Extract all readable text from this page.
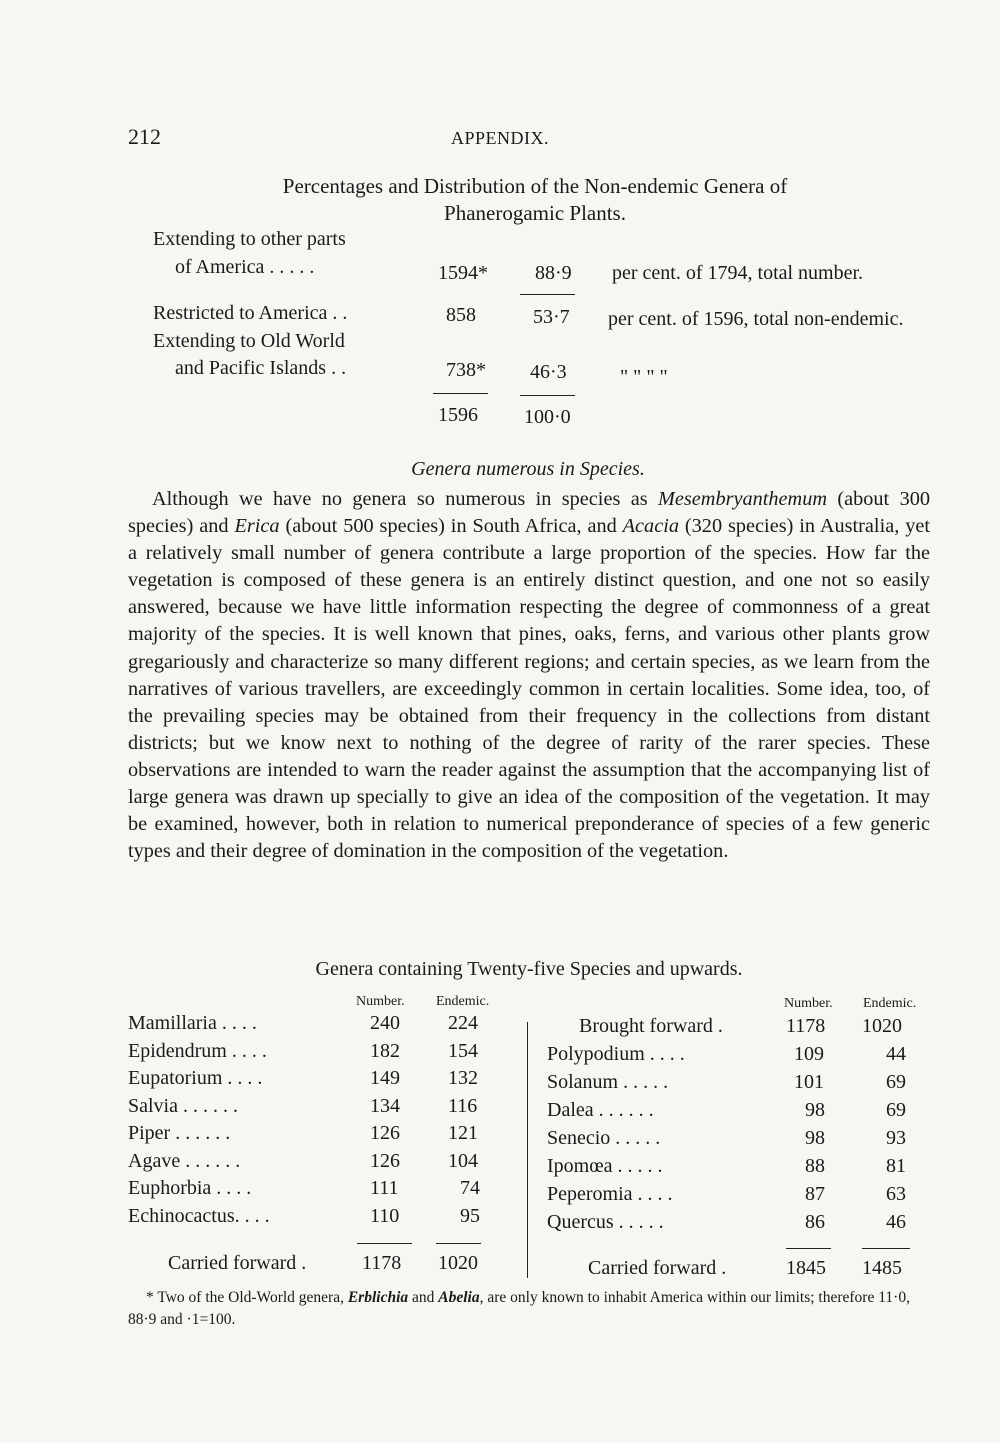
212	APPENDIX.
Percentages and Distribution of the Non-endemic Genera of
Phanerogamic Plants.
Extending to other parts
of America . . . . .	1594* 88·9 per cent. of 1794, total number.
Restricted to America . .	858	53·7 per cent. of 1596, total non-endemic.
Extending to Old World
and Pacific Islands . .	738* 46·3	" " " "
1596 100·0
Genera numerous in Species.

Although we have no genera so numerous in species as Mesembryanthemum (about 300 species) and Erica (about 500 species) in South Africa, and Acacia (320 species) in Australia, yet a relatively small number of genera contribute a large proportion of the species. How far the vegetation is composed of these genera is an entirely distinct question, and one not so easily answered, because we have little information respecting the degree of commonness of a great majority of the species. It is well known that pines, oaks, ferns, and various other plants grow gregariously and characterize so many different regions; and certain species, as we learn from the narratives of various travellers, are exceedingly common in certain localities. Some idea, too, of the prevailing species may be obtained from their frequency in the collections from distant districts; but we know next to nothing of the degree of rarity of the rarer species. These observations are intended to warn the reader against the assumption that the accompanying list of large genera was drawn up specially to give an idea of the composition of the vegetation. It may be examined, however, both in relation to numerical preponderance of species of a few generic types and their degree of domination in the composition of the vegetation.

Genera containing Twenty-five Species and upwards.
Number. Endemic.	Number. Endemic.
Mamillaria . . . .	240 224
Epidendrum . . . .	182 154
Eupatorium . . . .	149 132
Salvia . . . . . .	134 116
Piper . . . . . .	126 121
Agave . . . . . .	126 104
Euphorbia . . . .	111	74
Echinocactus. . . .	110	95
Carried forward .	1178 1020
Brought forward .	1178 1020
Polypodium . . . .	109	44
Solanum . . . . .	101	69
Dalea . . . . . .	98	69
Senecio . . . . .	98	93
Ipomœa . . . . .	88	81
Peperomia . . . .	87	63
Quercus . . . . .	86	46
Carried forward .	1845 1485
* Two of the Old-World genera, Erblichia and Abelia, are only known to inhabit America within our limits; therefore 11·0, 88·9 and ·1=100.
